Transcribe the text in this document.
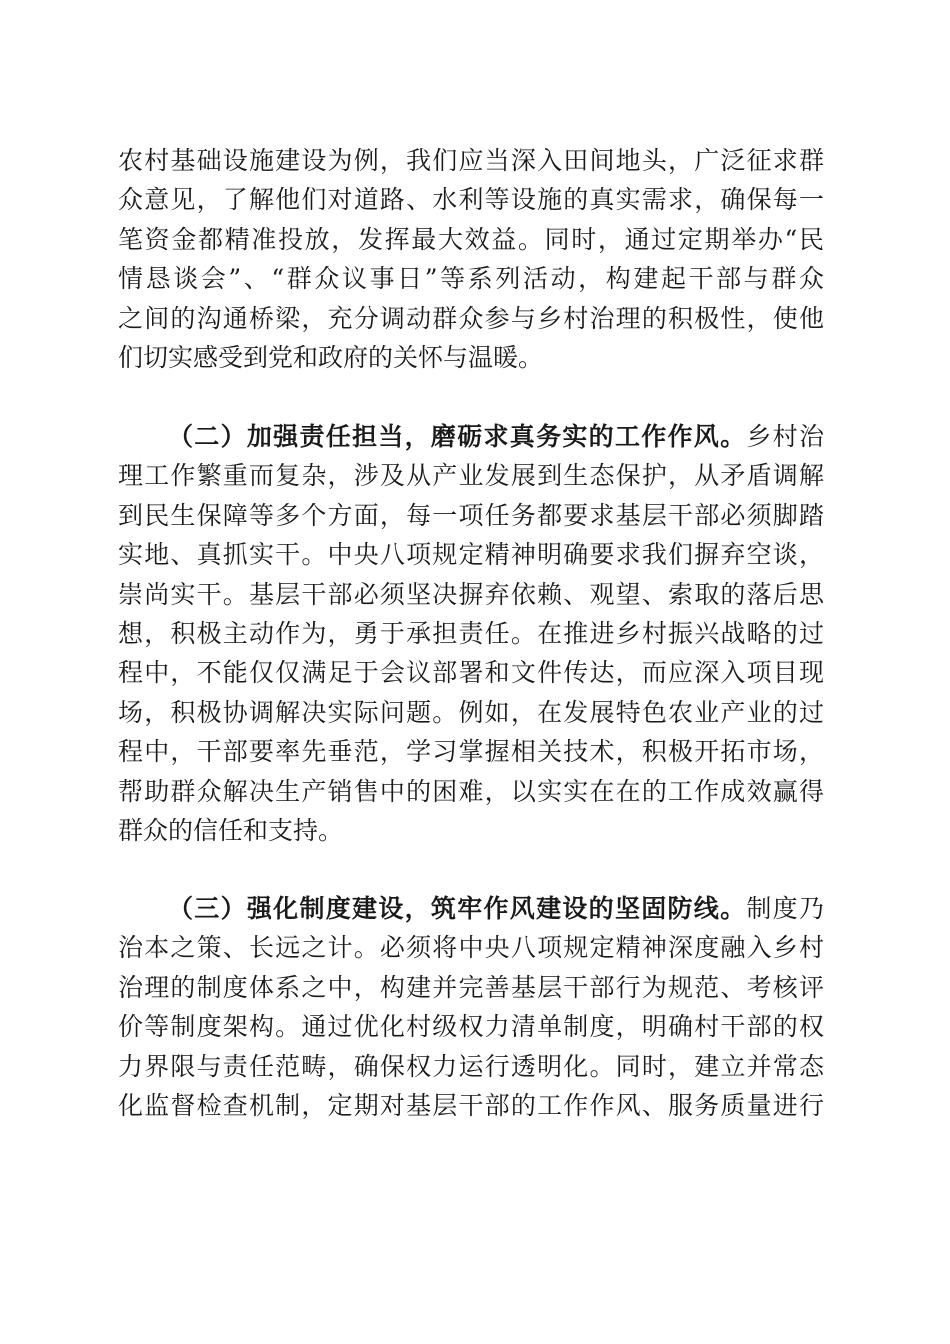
农村基础设施建设为例，我们应当深入田间地头，广泛征求群
众意见，了解他们对道路、水利等设施的真实需求，确保每一
笔资金都精准投放，发挥最大效益。同时，通过定期举办“民
情恳谈会”、“群众议事日”等系列活动，构建起干部与群众
之间的沟通桥梁，充分调动群众参与乡村治理的积极性，使他
们切实感受到党和政府的关怀与温暖。
（二）加强责任担当，磨砺求真务实的工作作风。乡村治
理工作繁重而复杂，涉及从产业发展到生态保护，从矛盾调解
到民生保障等多个方面，每一项任务都要求基层干部必须脚踏
实地、真抓实干。中央八项规定精神明确要求我们摒弃空谈，
崇尚实干。基层干部必须坚决摒弃依赖、观望、索取的落后思
想，积极主动作为，勇于承担责任。在推进乡村振兴战略的过
程中，不能仅仅满足于会议部署和文件传达，而应深入项目现
场，积极协调解决实际问题。例如，在发展特色农业产业的过
程中，干部要率先垂范，学习掌握相关技术，积极开拓市场，
帮助群众解决生产销售中的困难，以实实在在的工作成效赢得
群众的信任和支持。
（三）强化制度建设，筑牢作风建设的坚固防线。制度乃
治本之策、长远之计。必须将中央八项规定精神深度融入乡村
治理的制度体系之中，构建并完善基层干部行为规范、考核评
价等制度架构。通过优化村级权力清单制度，明确村干部的权
力界限与责任范畴，确保权力运行透明化。同时，建立并常态
化监督检查机制，定期对基层干部的工作作风、服务质量进行
